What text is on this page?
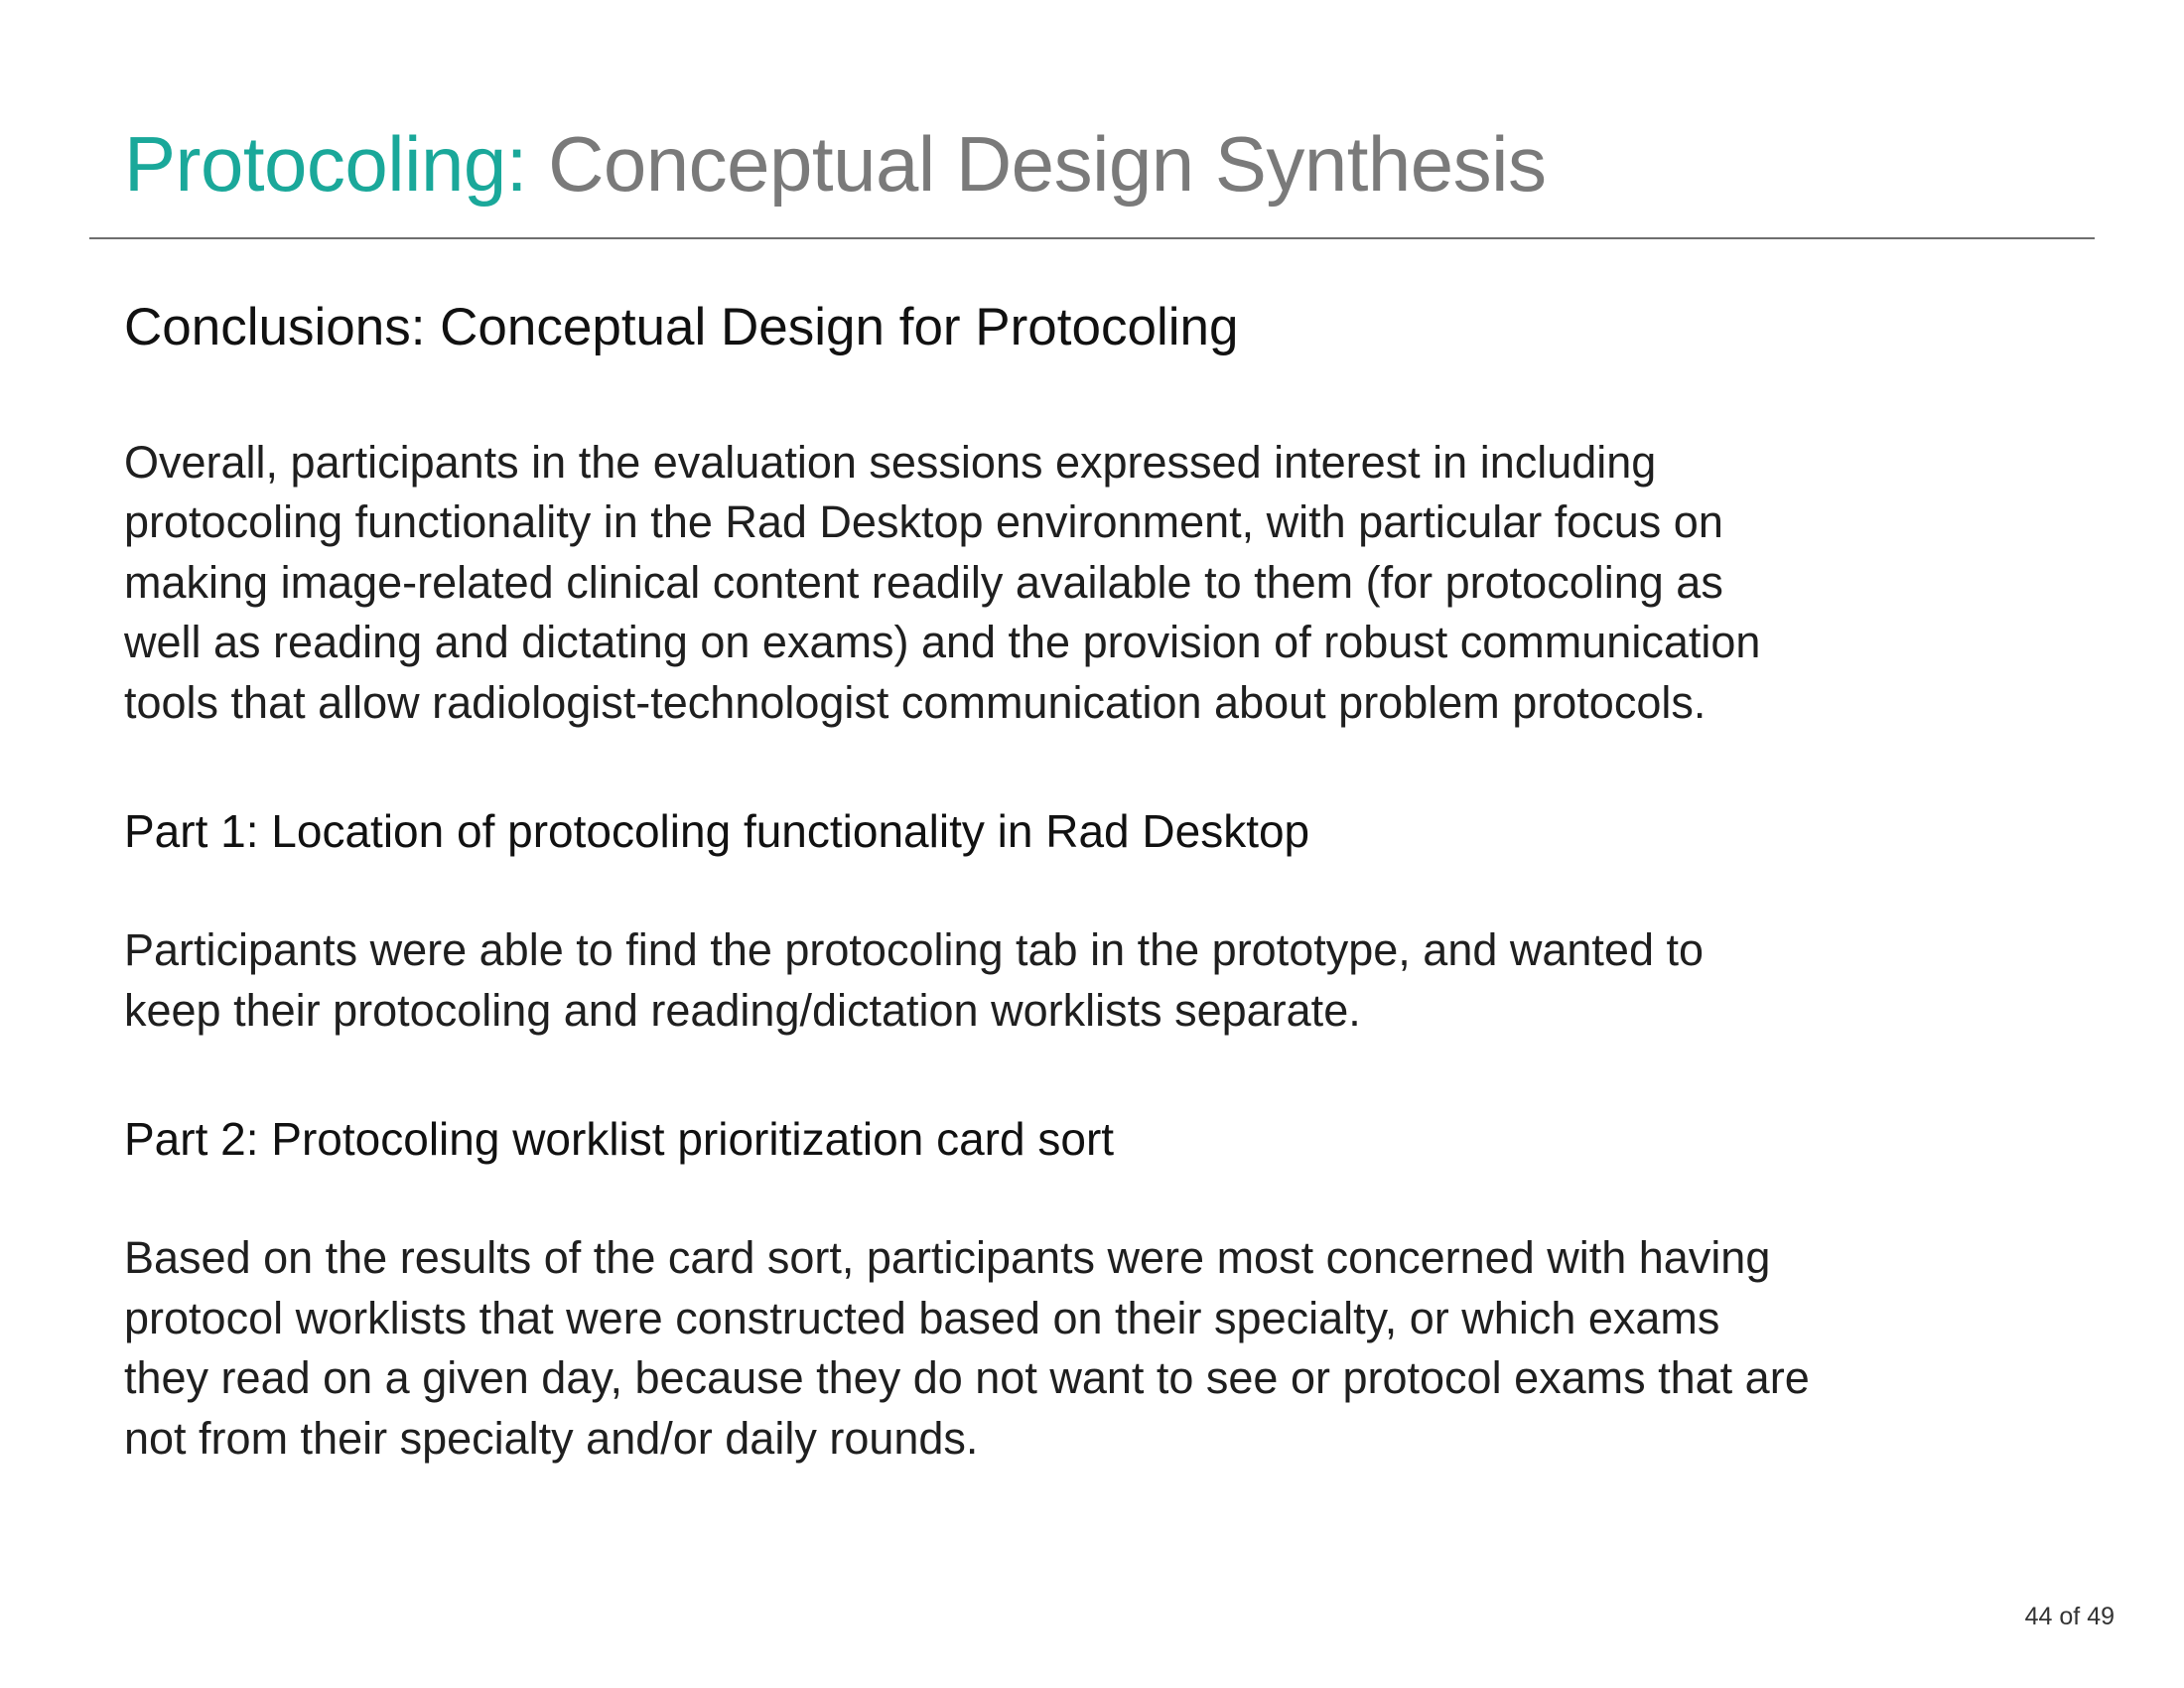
Protocoling: Conceptual Design Synthesis
Conclusions: Conceptual Design for Protocoling

Overall, participants in the evaluation sessions expressed interest in including
protocoling functionality in the Rad Desktop environment, with particular focus on
making image-related clinical content readily available to them (for protocoling as
well as reading and dictating on exams) and the provision of robust communication
tools that allow radiologist-technologist communication about problem protocols.

Part 1: Location of protocoling functionality in Rad Desktop

Participants were able to find the protocoling tab in the prototype, and wanted to
keep their protocoling and reading/dictation worklists separate.

Part 2: Protocoling worklist prioritization card sort

Based on the results of the card sort, participants were most concerned with having
protocol worklists that were constructed based on their specialty, or which exams
they read on a given day, because they do not want to see or protocol exams that are
not from their specialty and/or daily rounds.

44 of 49
